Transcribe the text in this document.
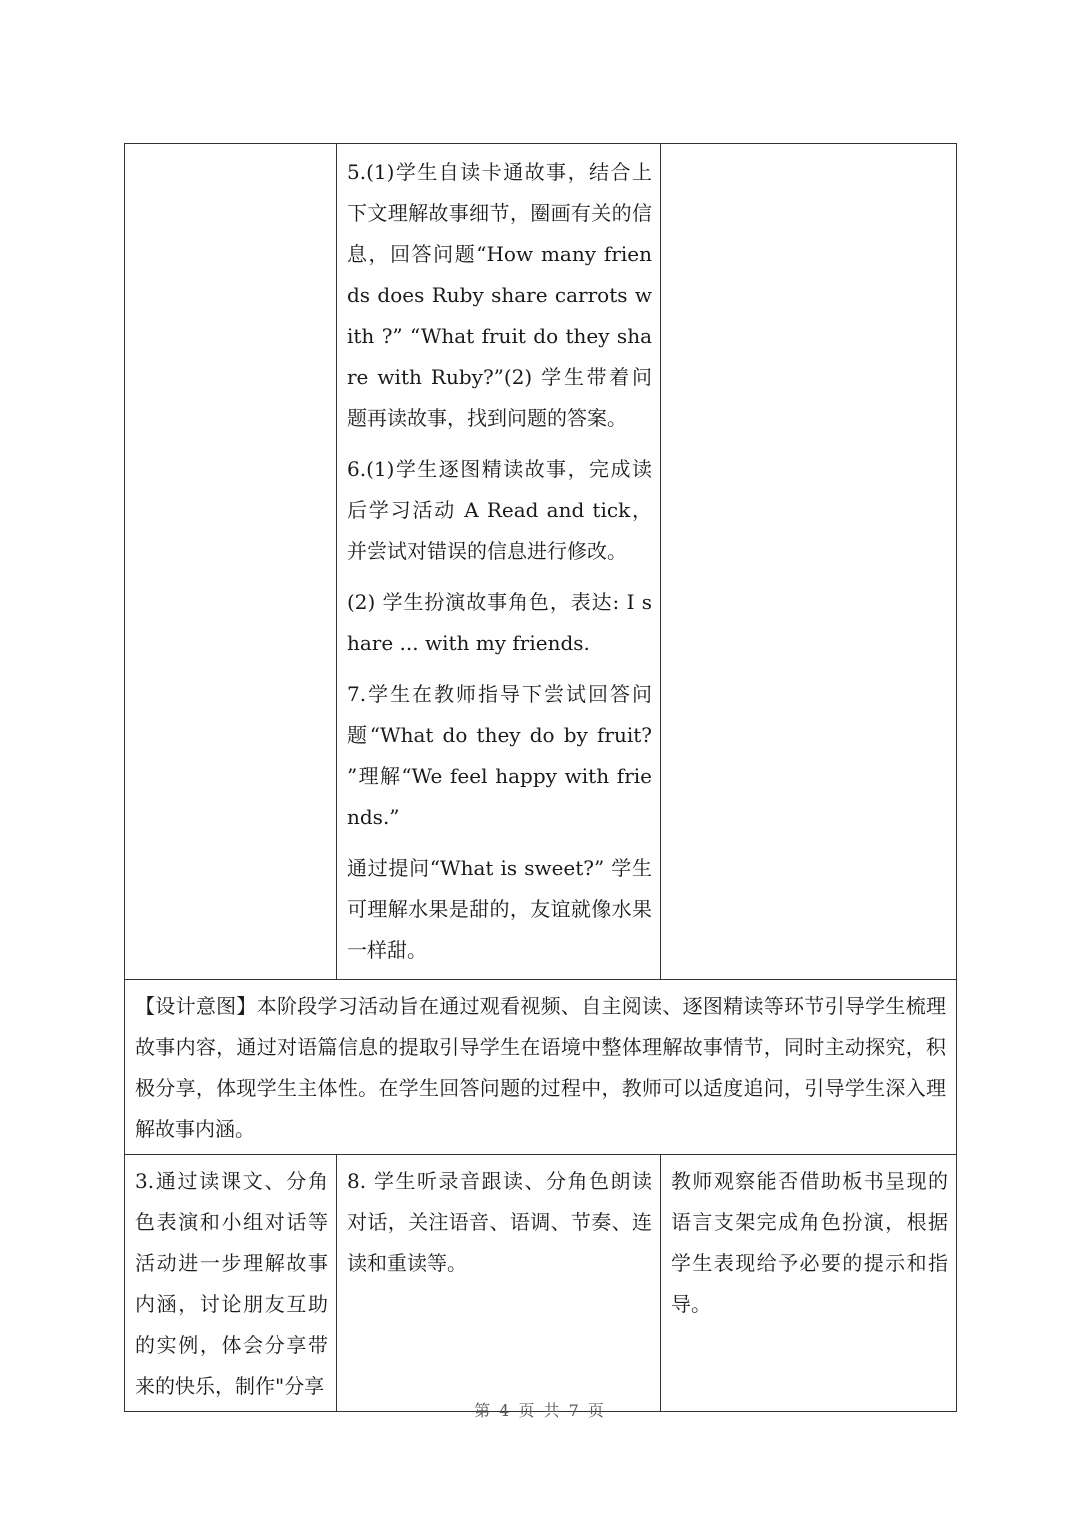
	5.(1)学生自读卡通故事，结合上下文理解故事细节，圈画有关的信息，回答问题“How many friends does Ruby share carrots with ?” “What fruit do they share with Ruby?”(2) 学生带着问题再读故事，找到问题的答案。

6.(1)学生逐图精读故事，完成读后学习活动 A Read and tick，并尝试对错误的信息进行修改。

(2) 学生扮演故事角色，表达: I share ... with my friends.

7.学生在教师指导下尝试回答问题“What do they do by fruit? ”理解“We feel happy with friends.”

通过提问“What is sweet?” 学生可理解水果是甜的，友谊就像水果一样甜。	

【设计意图】本阶段学习活动旨在通过观看视频、自主阅读、逐图精读等环节引导学生梳理故事内容，通过对语篇信息的提取引导学生在语境中整体理解故事情节，同时主动探究，积极分享，体现学生主体性。在学生回答问题的过程中，教师可以适度追问，引导学生深入理解故事内涵。		

3.通过读课文、分角色表演和小组对话等活动进一步理解故事内涵，讨论朋友互助的实例，体会分享带来的快乐，制作"分享	8. 学生听录音跟读、分角色朗读对话，关注语音、语调、节奏、连读和重读等。	教师观察能否借助板书呈现的语言支架完成角色扮演，根据学生表现给予必要的提示和指导。
第 4 页 共 7 页
